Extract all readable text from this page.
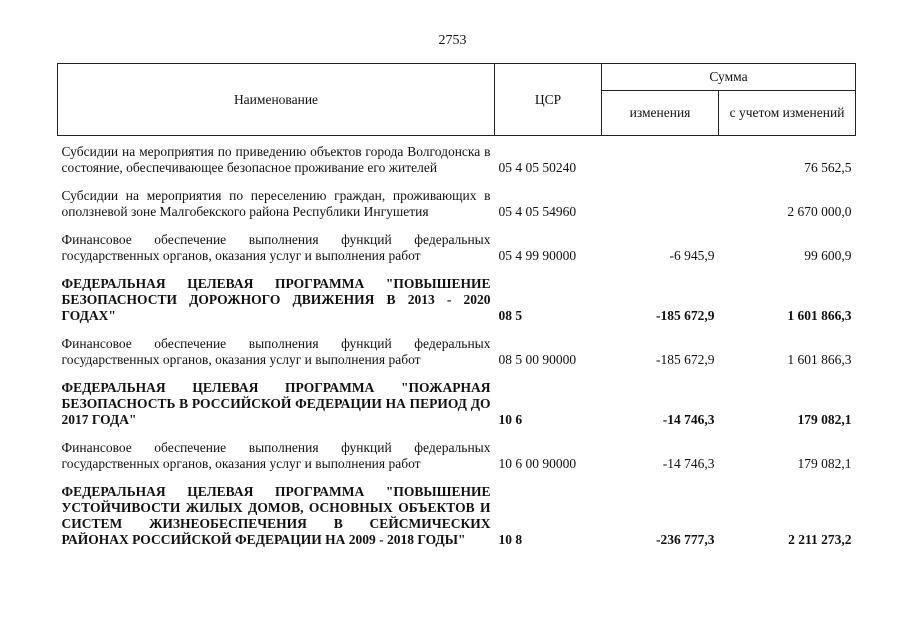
2753
Наименование	ЦСР	Сумма	
		изменения	с учетом изменений
Субсидии на мероприятия по приведению объектов города Волгодонска в состояние, обеспечивающее безопасное проживание его жителей	05 4 05 50240		76 562,5
Субсидии на мероприятия по переселению граждан, проживающих в оползневой зоне Малгобекского района Республики Ингушетия	05 4 05 54960		2 670 000,0
Финансовое обеспечение выполнения функций федеральных государственных органов, оказания услуг и выполнения работ	05 4 99 90000	-6 945,9	99 600,9
ФЕДЕРАЛЬНАЯ ЦЕЛЕВАЯ ПРОГРАММА "ПОВЫШЕНИЕ БЕЗОПАСНОСТИ ДОРОЖНОГО ДВИЖЕНИЯ В 2013 - 2020 ГОДАХ"	08 5	-185 672,9	1 601 866,3
Финансовое обеспечение выполнения функций федеральных государственных органов, оказания услуг и выполнения работ	08 5 00 90000	-185 672,9	1 601 866,3
ФЕДЕРАЛЬНАЯ ЦЕЛЕВАЯ ПРОГРАММА "ПОЖАРНАЯ БЕЗОПАСНОСТЬ В РОССИЙСКОЙ ФЕДЕРАЦИИ НА ПЕРИОД ДО 2017 ГОДА"	10 6	-14 746,3	179 082,1
Финансовое обеспечение выполнения функций федеральных государственных органов, оказания услуг и выполнения работ	10 6 00 90000	-14 746,3	179 082,1
ФЕДЕРАЛЬНАЯ ЦЕЛЕВАЯ ПРОГРАММА "ПОВЫШЕНИЕ УСТОЙЧИВОСТИ ЖИЛЫХ ДОМОВ, ОСНОВНЫХ ОБЪЕКТОВ И СИСТЕМ ЖИЗНЕОБЕСПЕЧЕНИЯ В СЕЙСМИЧЕСКИХ РАЙОНАХ РОССИЙСКОЙ ФЕДЕРАЦИИ НА 2009 - 2018 ГОДЫ"	10 8	-236 777,3	2 211 273,2
